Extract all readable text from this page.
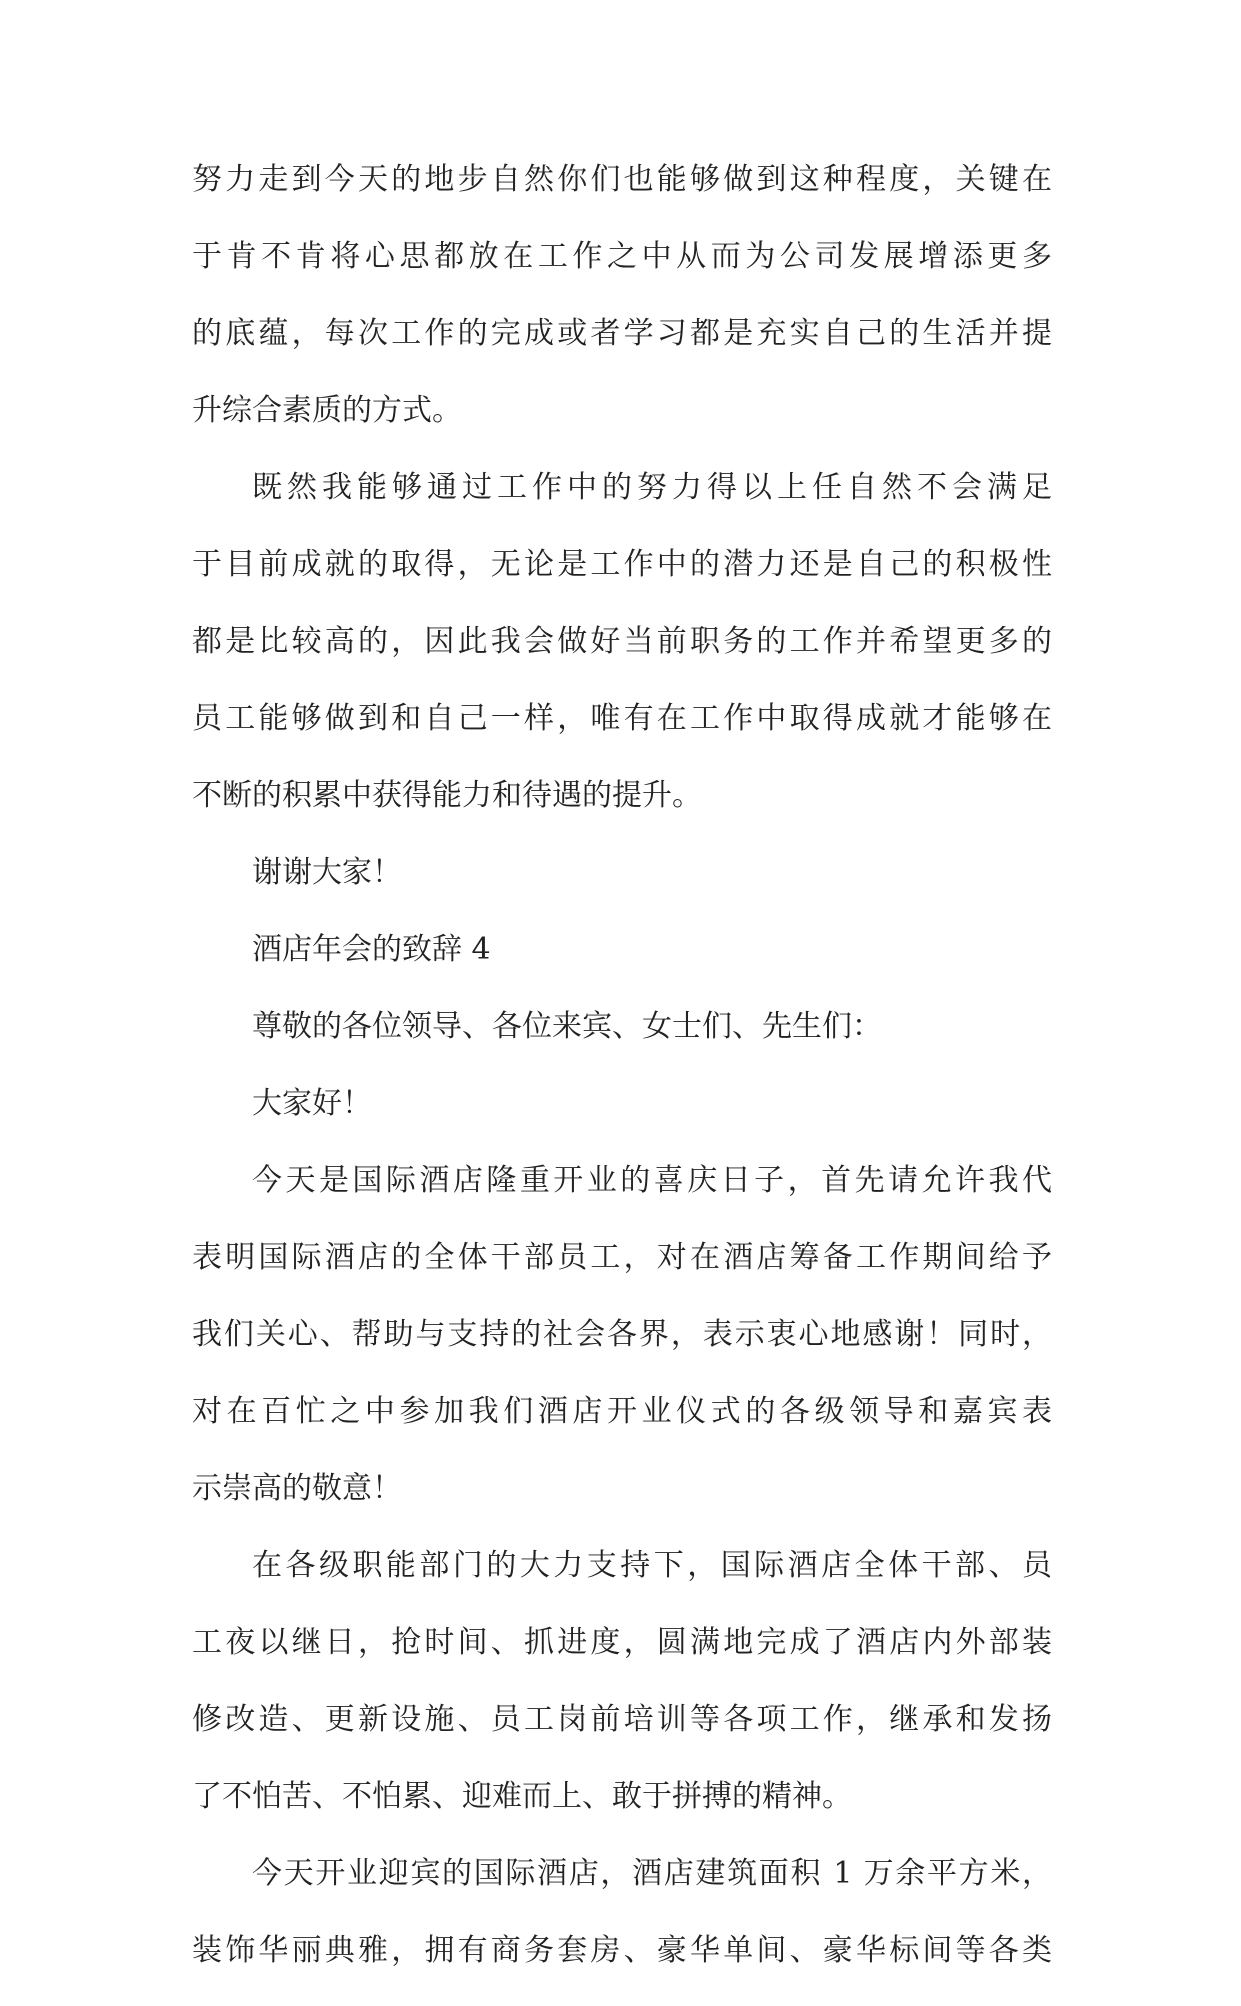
努力走到今天的地步自然你们也能够做到这种程度，关键在
于肯不肯将心思都放在工作之中从而为公司发展增添更多
的底蕴，每次工作的完成或者学习都是充实自己的生活并提
升综合素质的方式。
既然我能够通过工作中的努力得以上任自然不会满足
于目前成就的取得，无论是工作中的潜力还是自己的积极性
都是比较高的，因此我会做好当前职务的工作并希望更多的
员工能够做到和自己一样，唯有在工作中取得成就才能够在
不断的积累中获得能力和待遇的提升。
谢谢大家！
酒店年会的致辞 4
尊敬的各位领导、各位来宾、女士们、先生们：
大家好！
今天是国际酒店隆重开业的喜庆日子，首先请允许我代
表明国际酒店的全体干部员工，对在酒店筹备工作期间给予
我们关心、帮助与支持的社会各界，表示衷心地感谢！同时，
对在百忙之中参加我们酒店开业仪式的各级领导和嘉宾表
示崇高的敬意！
在各级职能部门的大力支持下，国际酒店全体干部、员
工夜以继日，抢时间、抓进度，圆满地完成了酒店内外部装
修改造、更新设施、员工岗前培训等各项工作，继承和发扬
了不怕苦、不怕累、迎难而上、敢于拼搏的精神。
今天开业迎宾的国际酒店，酒店建筑面积 1 万余平方米，
装饰华丽典雅，拥有商务套房、豪华单间、豪华标间等各类
